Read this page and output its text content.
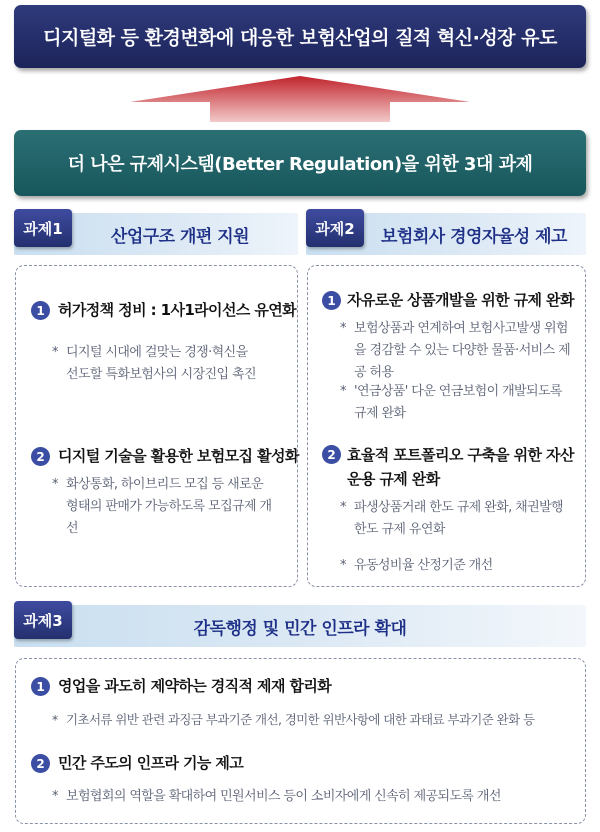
디지털화 등 환경변화에 대응한 보험산업의 질적 혁신·성장 유도
더 나은 규제시스템(Better Regulation)을 위한 3대 과제
산업구조 개편 지원
과제1	보험회사 경영자율성 제고
과제2
1 허가정책 정비 : 1사1라이선스 유연화
* 디지털 시대에 걸맞는 경쟁·혁신을 선도할 특화보험사의 시장진입 촉진
2 디지털 기술을 활용한 보험모집 활성화
* 화상통화, 하이브리드 모집 등 새로운 형태의 판매가 가능하도록 모집규제 개선
1 자유로운 상품개발을 위한 규제 완화
* 보험상품과 연계하여 보험사고발생 위험을 경감할 수 있는 다양한 물품·서비스 제공 허용
* '연금상품' 다운 연금보험이 개발되도록 규제 완화
2 효율적 포트폴리오 구축을 위한 자산운용 규제 완화
* 파생상품거래 한도 규제 완화, 채권발행 한도 규제 유연화
* 유동성비율 산정기준 개선
감독행정 및 민간 인프라 확대
과제3
1 영업을 과도히 제약하는 경직적 제재 합리화
* 기초서류 위반 관련 과징금 부과기준 개선, 경미한 위반사항에 대한 과태료 부과기준 완화 등
2 민간 주도의 인프라 기능 제고
* 보험협회의 역할을 확대하여 민원서비스 등이 소비자에게 신속히 제공되도록 개선
